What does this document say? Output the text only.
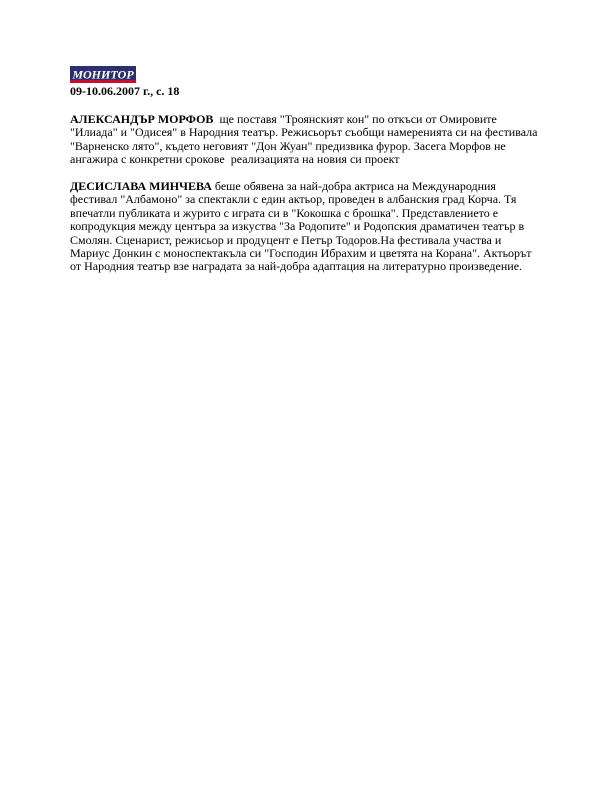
МОНИТОР
09-10.06.2007 г., с. 18

АЛЕКСАНДЪР МОРФОВ  ще поставя "Троянският кон" по откъси от Омировите "Илиада" и "Одисея" в Народния театър. Режисьорът съобщи намеренията си на фестивала "Варненско лято", където неговият "Дон Жуан" предизвика фурор. Засега Морфов не ангажира с конкретни срокове  реализацията на новия си проект

ДЕСИСЛАВА МИНЧЕВА беше обявена за най-добра актриса на Международния фестивал "Албамоно" за спектакли с един актьор, проведен в албанския град Корча. Тя впечатли публиката и журито с играта си в "Кокошка с брошка". Представлението е копродукция между центъра за изкуства "За Родопите" и Родопския драматичен театър в Смолян. Сценарист, режисьор и продуцент е Петър Тодоров.На фестивала участва и Мариус Донкин с моноспектакъла си "Господин Ибрахим и цветята на Корана". Актьорът от Народния театър взе наградата за най-добра адаптация на литературно произведение.
